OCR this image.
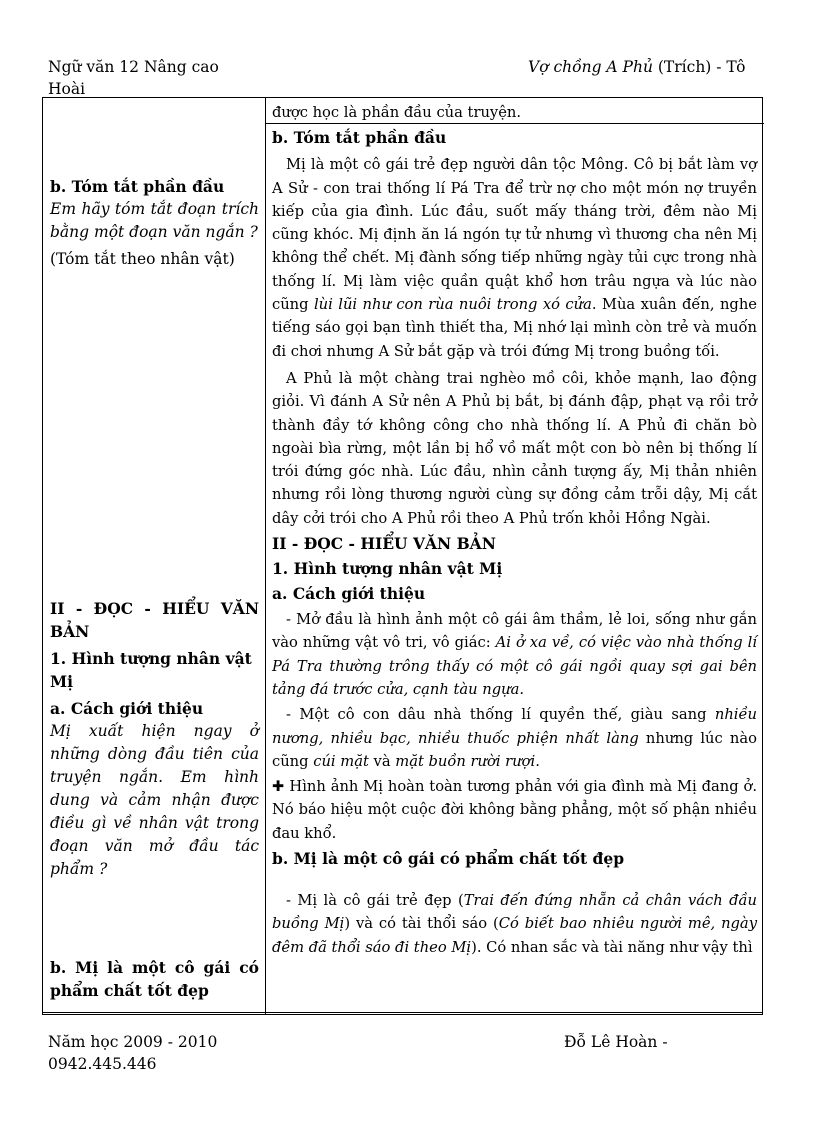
Ngữ văn 12 Nâng cao
Hoài
Vợ chồng A Phủ (Trích) - Tô
b. Tóm tắt phần đầu
Em hãy tóm tắt đoạn trích bằng một đoạn văn ngắn ?
(Tóm tắt theo nhân vật)
II - ĐỌC - HIỂU VĂN BẢN
1. Hình tượng nhân vật Mị
a. Cách giới thiệu
Mị xuất hiện ngay ở những dòng đầu tiên của truyện ngắn. Em hình dung và cảm nhận được điều gì về nhân vật trong đoạn văn mở đầu tác phẩm ?
b. Mị là một cô gái có phẩm chất tốt đẹp
được học là phần đầu của truyện.
b. Tóm tắt phần đầu

Mị là một cô gái trẻ đẹp người dân tộc Mông. Cô bị bắt làm vợ A Sử - con trai thống lí Pá Tra để trừ nợ cho một món nợ truyền kiếp của gia đình. Lúc đầu, suốt mấy tháng trời, đêm nào Mị cũng khóc. Mị định ăn lá ngón tự tử nhưng vì thương cha nên Mị không thể chết. Mị đành sống tiếp những ngày tủi cực trong nhà thống lí. Mị làm việc quần quật khổ hơn trâu ngựa và lúc nào cũng lùi lũi như con rùa nuôi trong xó cửa. Mùa xuân đến, nghe tiếng sáo gọi bạn tình thiết tha, Mị nhớ lại mình còn trẻ và muốn đi chơi nhưng A Sử bắt gặp và trói đứng Mị trong buồng tối.

A Phủ là một chàng trai nghèo mồ côi, khỏe mạnh, lao động giỏi. Vì đánh A Sử nên A Phủ bị bắt, bị đánh đập, phạt vạ rồi trở thành đầy tớ không công cho nhà thống lí. A Phủ đi chăn bò ngoài bìa rừng, một lần bị hổ vồ mất một con bò nên bị thống lí trói đứng góc nhà. Lúc đầu, nhìn cảnh tượng ấy, Mị thản nhiên nhưng rồi lòng thương người cùng sự đồng cảm trỗi dậy, Mị cắt dây cởi trói cho A Phủ rồi theo A Phủ trốn khỏi Hồng Ngài.

II - ĐỌC - HIỂU VĂN BẢN
1. Hình tượng nhân vật Mị
a. Cách giới thiệu

- Mở đầu là hình ảnh một cô gái âm thầm, lẻ loi, sống như gắn vào những vật vô tri, vô giác: Ai ở xa về, có việc vào nhà thống lí Pá Tra thường trông thấy có một cô gái ngồi quay sợi gai bên tảng đá trước cửa, cạnh tàu ngựa.

- Một cô con dâu nhà thống lí quyền thế, giàu sang nhiều nương, nhiều bạc, nhiều thuốc phiện nhất làng nhưng lúc nào cũng cúi mặt và mặt buồn rười rượi.

✚ Hình ảnh Mị hoàn toàn tương phản với gia đình mà Mị đang ở. Nó báo hiệu một cuộc đời không bằng phẳng, một số phận nhiều đau khổ.

b. Mị là một cô gái có phẩm chất tốt đẹp

- Mị là cô gái trẻ đẹp (Trai đến đứng nhẵn cả chân vách đầu buồng Mị) và có tài thổi sáo (Có biết bao nhiêu người mê, ngày đêm đã thổi sáo đi theo Mị). Có nhan sắc và tài năng như vậy thì

Năm học 2009 - 2010
0942.445.446
Đỗ Lê Hoàn -
